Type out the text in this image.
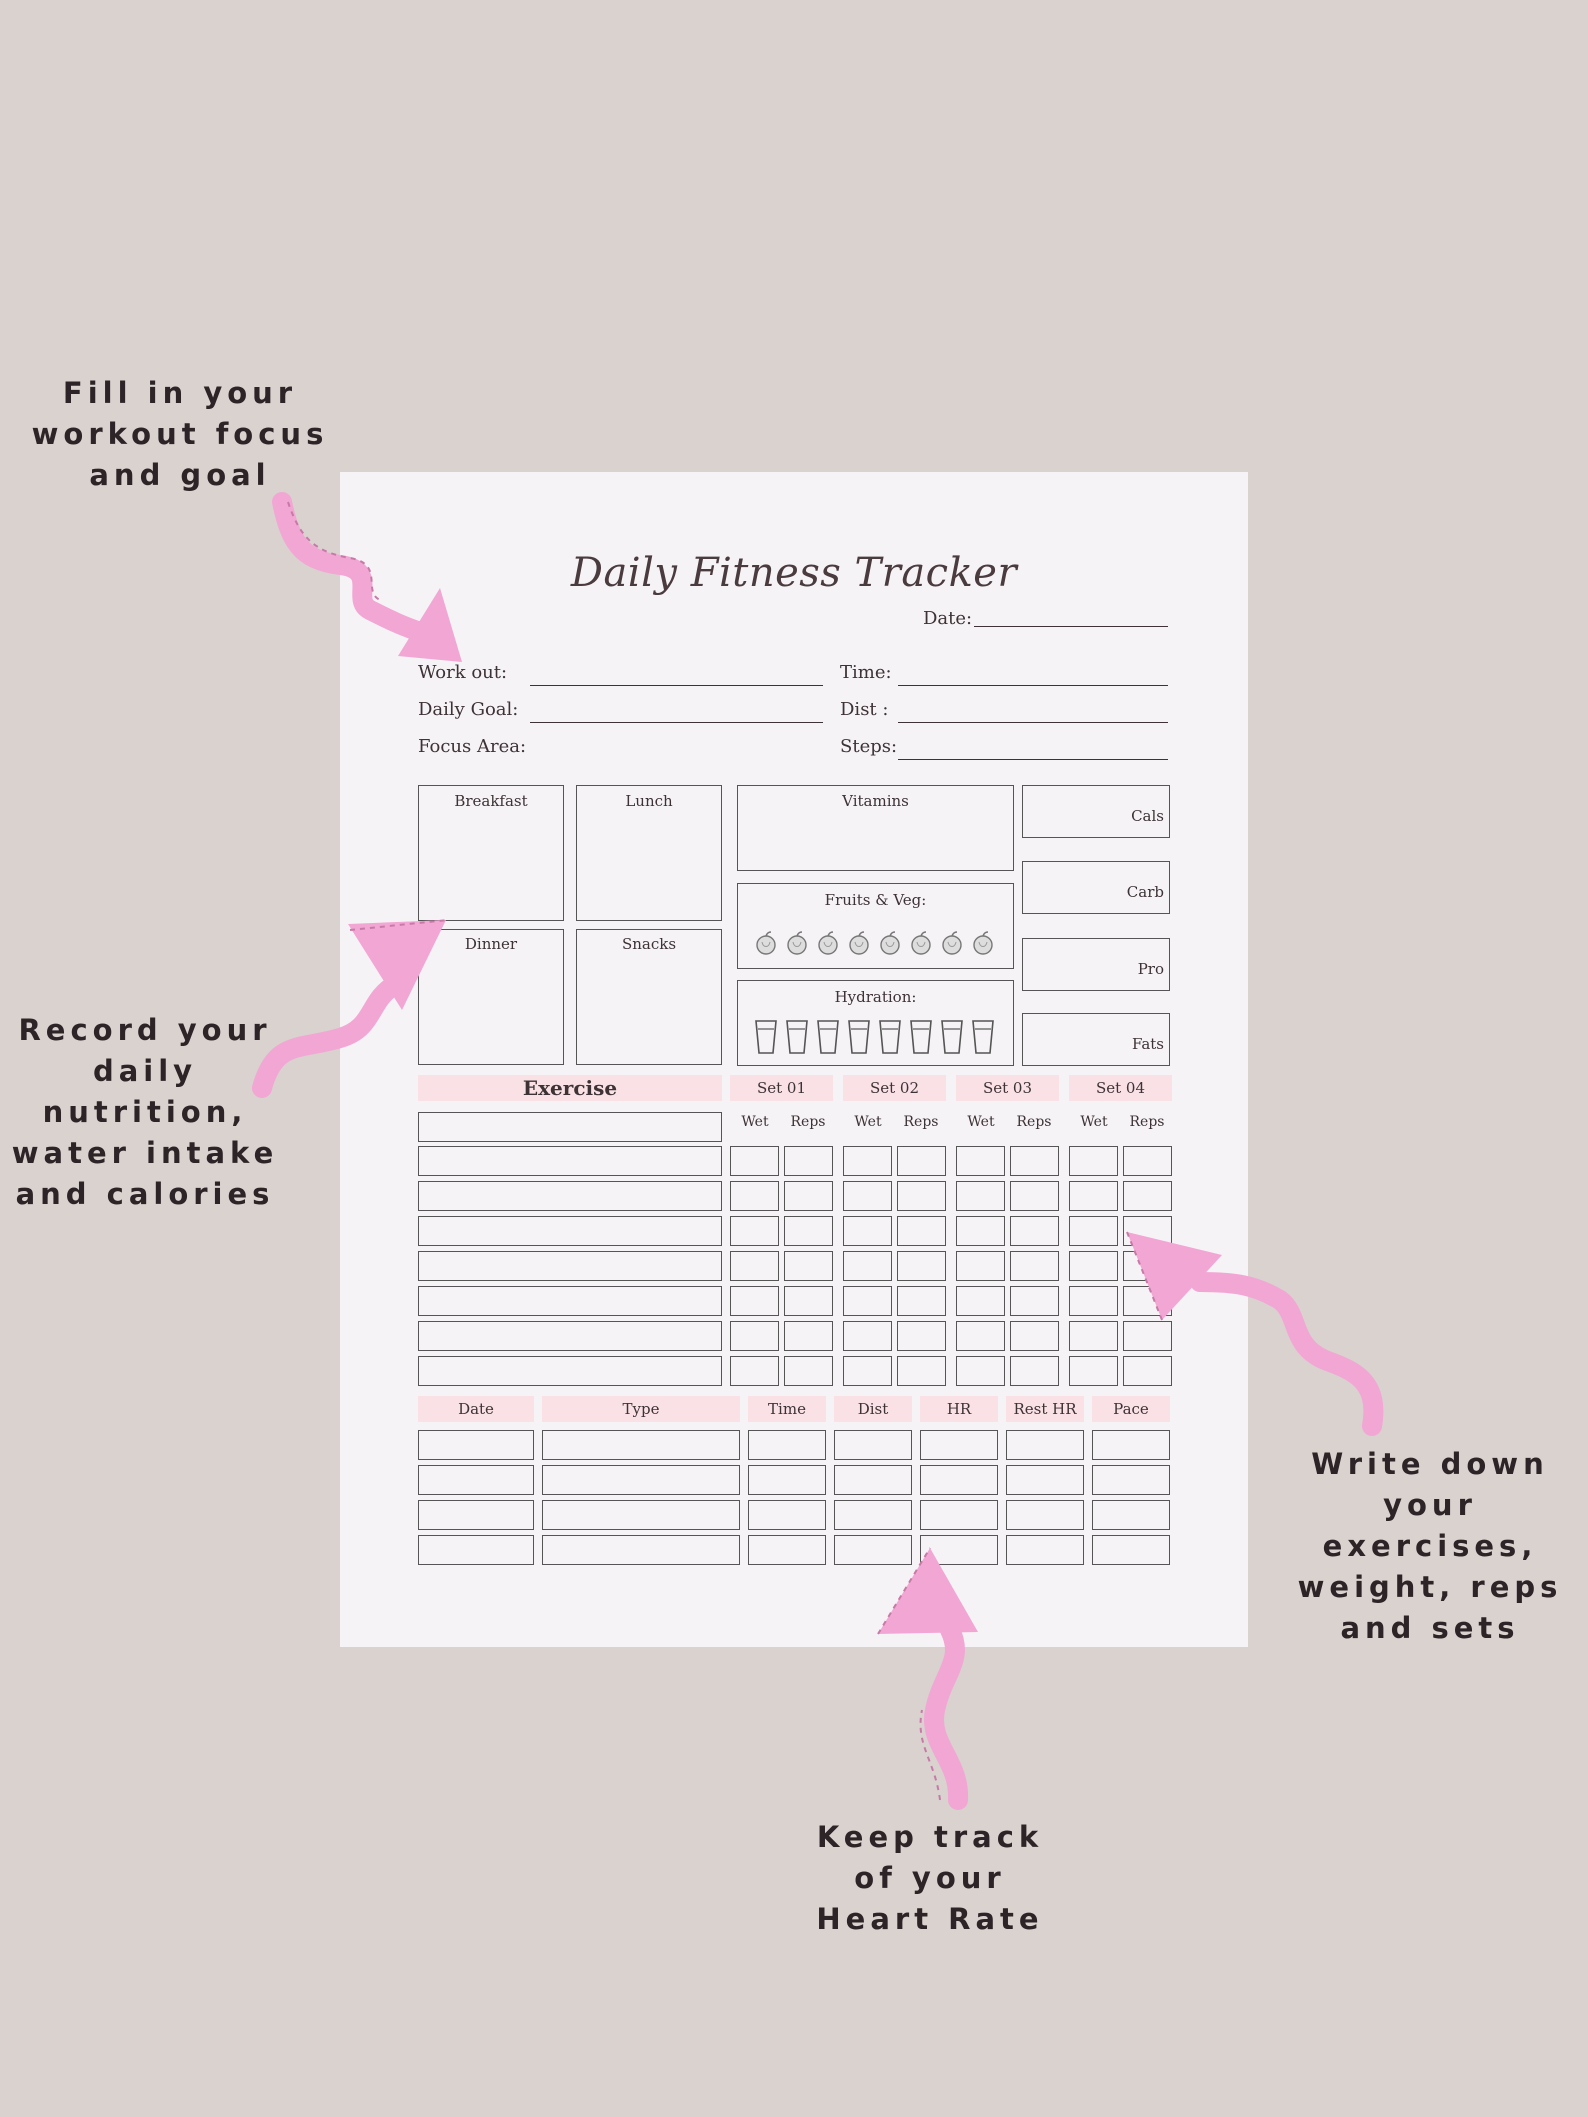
Fill in your
workout focus
and goal
Record your
daily
nutrition,
water intake
and calories
Write down
your
exercises,
weight, reps
and sets
Keep track
of your
Heart Rate
Daily Fitness Tracker
Date:
Work out:
Daily Goal:
Focus Area:
Time:
Dist :
Steps:
Breakfast	Lunch
Dinner	Snacks
Vitamins
Fruits & Veg:
Hydration:
Cals
Carb
Pro
Fats
Exercise	Set 01	Set 02	Set 03	Set 04
Wet	Reps	Wet	Reps	Wet	Reps	Wet	Reps
Date	Type	Time	Dist	HR	Rest HR	Pace
